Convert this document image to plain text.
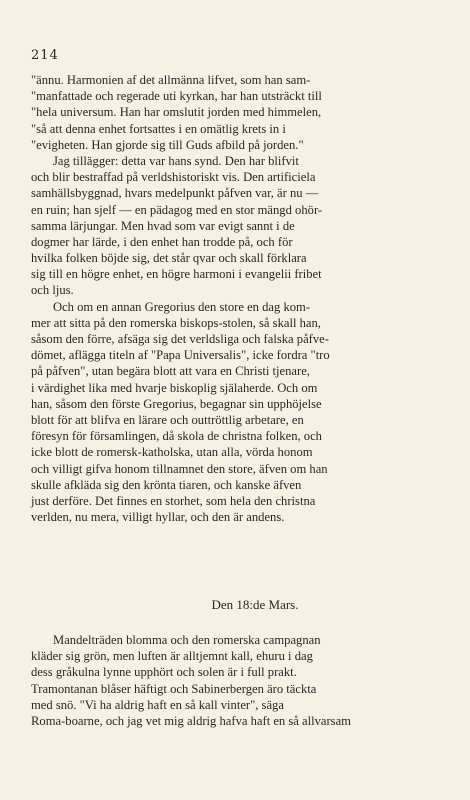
214
"ännu. Harmonien af det allmänna lifvet, som han sam-
"manfattade och regerade uti kyrkan, har han utsträckt till
"hela universum. Han har omslutit jorden med himmelen,
"så att denna enhet fortsattes i en omätlig krets in i
"evigheten. Han gjorde sig till Guds afbild på jorden."
Jag tillägger: detta var hans synd. Den har blifvit
och blir bestraffad på verldshistoriskt vis. Den artificiela
samhällsbyggnad, hvars medelpunkt påfven var, är nu —
en ruin; han sjelf — en pädagog med en stor mängd ohör-
samma lärjungar. Men hvad som var evigt sannt i de
dogmer har lärde, i den enhet han trodde på, och för
hvilka folken böjde sig, det står qvar och skall förklara
sig till en högre enhet, en högre harmoni i evangelii fribet
och ljus.
Och om en annan Gregorius den store en dag kom-
mer att sitta på den romerska biskops-stolen, så skall han,
såsom den förre, afsäga sig det verldsliga och falska påfve-
dömet, aflägga titeln af "Papa Universalis", icke fordra "tro
på påfven", utan begära blott att vara en Christi tjenare,
i värdighet lika med hvarje biskoplig själaherde. Och om
han, såsom den förste Gregorius, begagnar sin upphöjelse
blott för att blifva en lärare och outtröttlig arbetare, en
föresyn för församlingen, då skola de christna folken, och
icke blott de romersk-katholska, utan alla, vörda honom
och villigt gifva honom tillnamnet den store, äfven om han
skulle afkläda sig den krönta tiaren, och kanske äfven
just derföre. Det finnes en storhet, som hela den christna
verlden, nu mera, villigt hyllar, och den är andens.
Den 18:de Mars.
Mandelträden blomma och den romerska campagnan
kläder sig grön, men luften är alltjemnt kall, ehuru i dag
dess gråkulna lynne upphört och solen är i full prakt.
Tramontanan blåser häftigt och Sabinerbergen äro täckta
med snö. "Vi ha aldrig haft en så kall vinter", säga
Roma-boarne, och jag vet mig aldrig hafva haft en så allvarsam
